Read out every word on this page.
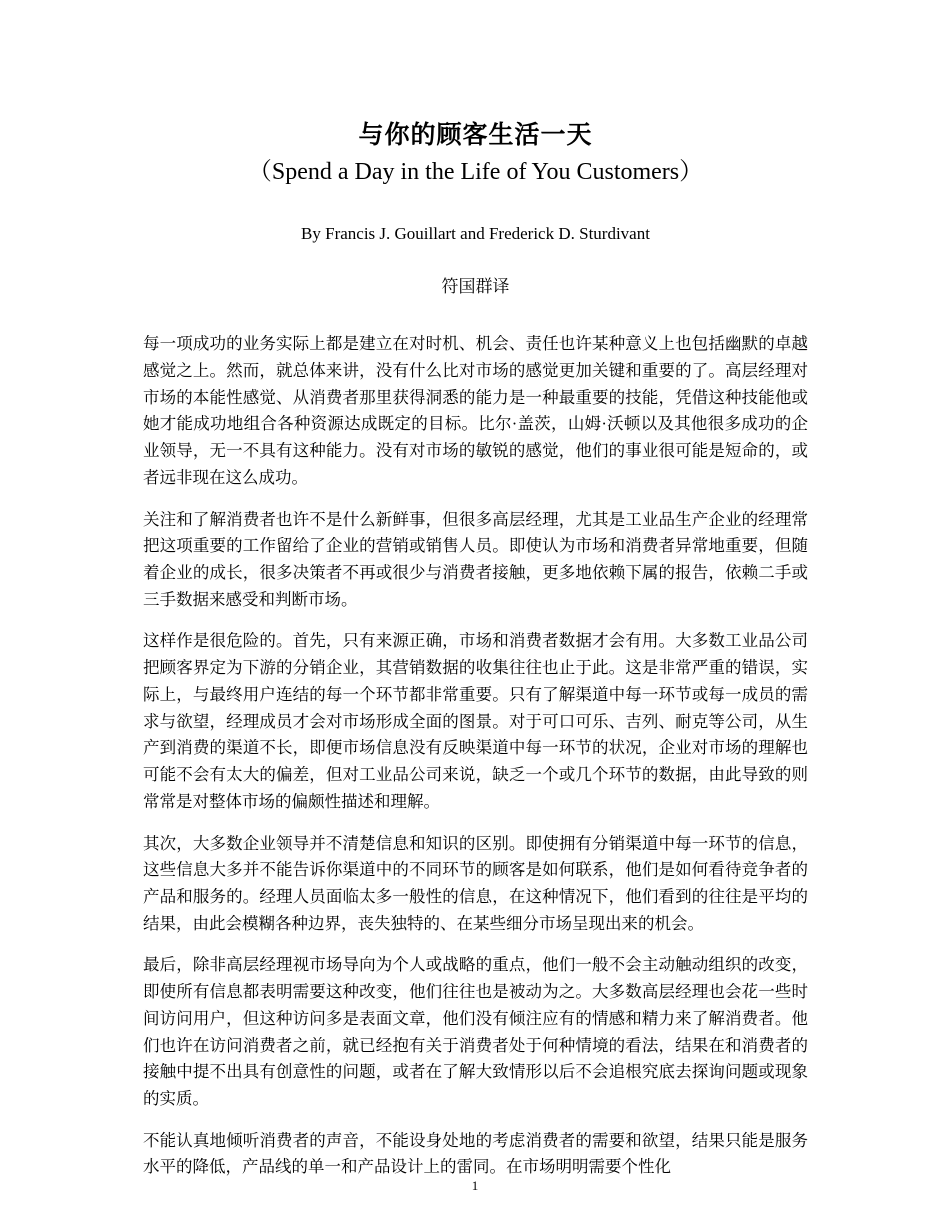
与你的顾客生活一天
（Spend a Day in the Life of You Customers）
By Francis J. Gouillart and Frederick D. Sturdivant
符国群译

每一项成功的业务实际上都是建立在对时机、机会、责任也许某种意义上也包括幽默的卓越感觉之上。然而，就总体来讲，没有什么比对市场的感觉更加关键和重要的了。高层经理对市场的本能性感觉、从消费者那里获得洞悉的能力是一种最重要的技能，凭借这种技能他或她才能成功地组合各种资源达成既定的目标。比尔·盖茨，山姆·沃顿以及其他很多成功的企业领导，无一不具有这种能力。没有对市场的敏锐的感觉，他们的事业很可能是短命的，或者远非现在这么成功。

关注和了解消费者也许不是什么新鲜事，但很多高层经理，尤其是工业品生产企业的经理常把这项重要的工作留给了企业的营销或销售人员。即使认为市场和消费者异常地重要，但随着企业的成长，很多决策者不再或很少与消费者接触，更多地依赖下属的报告，依赖二手或三手数据来感受和判断市场。

这样作是很危险的。首先，只有来源正确，市场和消费者数据才会有用。大多数工业品公司把顾客界定为下游的分销企业，其营销数据的收集往往也止于此。这是非常严重的错误，实际上，与最终用户连结的每一个环节都非常重要。只有了解渠道中每一环节或每一成员的需求与欲望，经理成员才会对市场形成全面的图景。对于可口可乐、吉列、耐克等公司，从生产到消费的渠道不长，即便市场信息没有反映渠道中每一环节的状况，企业对市场的理解也可能不会有太大的偏差，但对工业品公司来说，缺乏一个或几个环节的数据，由此导致的则常常是对整体市场的偏颇性描述和理解。

其次，大多数企业领导并不清楚信息和知识的区别。即使拥有分销渠道中每一环节的信息，这些信息大多并不能告诉你渠道中的不同环节的顾客是如何联系，他们是如何看待竞争者的产品和服务的。经理人员面临太多一般性的信息，在这种情况下，他们看到的往往是平均的结果，由此会模糊各种边界，丧失独特的、在某些细分市场呈现出来的机会。

最后，除非高层经理视市场导向为个人或战略的重点，他们一般不会主动触动组织的改变，即使所有信息都表明需要这种改变，他们往往也是被动为之。大多数高层经理也会花一些时间访问用户，但这种访问多是表面文章，他们没有倾注应有的情感和精力来了解消费者。他们也许在访问消费者之前，就已经抱有关于消费者处于何种情境的看法，结果在和消费者的接触中提不出具有创意性的问题，或者在了解大致情形以后不会追根究底去探询问题或现象的实质。

不能认真地倾听消费者的声音，不能设身处地的考虑消费者的需要和欲望，结果只能是服务水平的降低，产品线的单一和产品设计上的雷同。在市场明明需要个性化

1
